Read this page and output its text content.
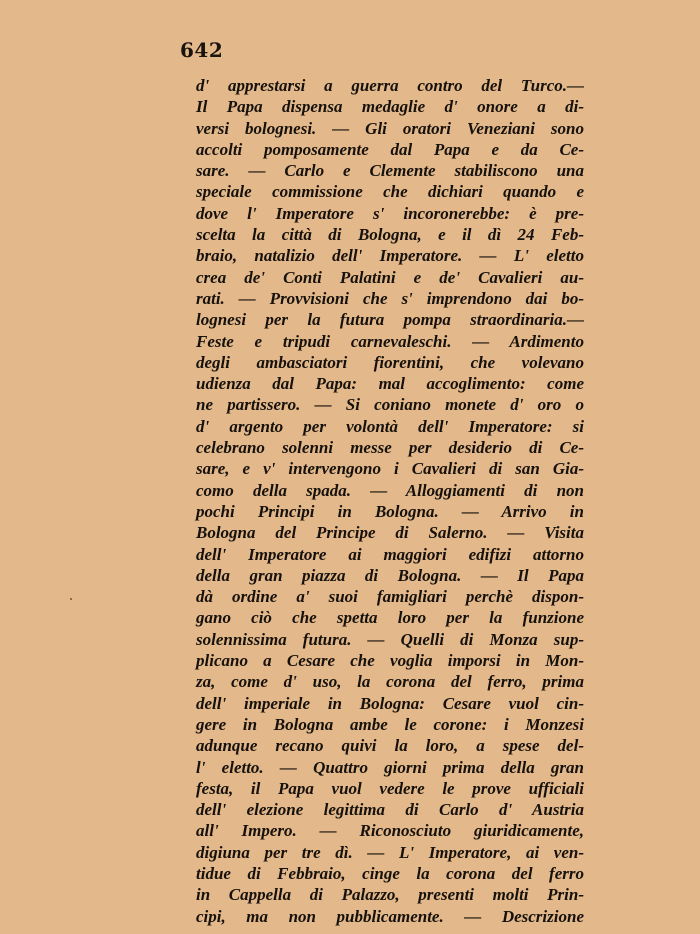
642
d' apprestarsi a guerra contro del Turco.—
Il Papa dispensa medaglie d' onore a di-
versi bolognesi. — Gli oratori Veneziani sono
accolti pomposamente dal Papa e da Ce-
sare. — Carlo e Clemente stabiliscono una
speciale commissione che dichiari quando e
dove l' Imperatore s' incoronerebbe: è pre-
scelta la città di Bologna, e il dì 24 Feb-
braio, natalizio dell' Imperatore. — L' eletto
crea de' Conti Palatini e de' Cavalieri au-
rati. — Provvisioni che s' imprendono dai bo-
lognesi per la futura pompa straordinaria.—
Feste e tripudi carnevaleschi. — Ardimento
degli ambasciatori fiorentini, che volevano
udienza dal Papa: mal accoglimento: come
ne partissero. — Si coniano monete d' oro o
d' argento per volontà dell' Imperatore: si
celebrano solenni messe per desiderio di Ce-
sare, e v' intervengono i Cavalieri di san Gia-
como della spada. — Alloggiamenti di non
pochi Principi in Bologna. — Arrivo in
Bologna del Principe di Salerno. — Visita
dell' Imperatore ai maggiori edifizi attorno
della gran piazza di Bologna. — Il Papa
dà ordine a' suoi famigliari perchè dispon-
gano ciò che spetta loro per la funzione
solennissima futura. — Quelli di Monza sup-
plicano a Cesare che voglia imporsi in Mon-
za, come d' uso, la corona del ferro, prima
dell' imperiale in Bologna: Cesare vuol cin-
gere in Bologna ambe le corone: i Monzesi
adunque recano quivi la loro, a spese del-
l' eletto. — Quattro giorni prima della gran
festa, il Papa vuol vedere le prove ufficiali
dell' elezione legittima di Carlo d' Austria
all' Impero. — Riconosciuto giuridicamente,
digiuna per tre dì. — L' Imperatore, ai ven-
tidue di Febbraio, cinge la corona del ferro
in Cappella di Palazzo, presenti molti Prin-
cipi, ma non pubblicamente. — Descrizione
